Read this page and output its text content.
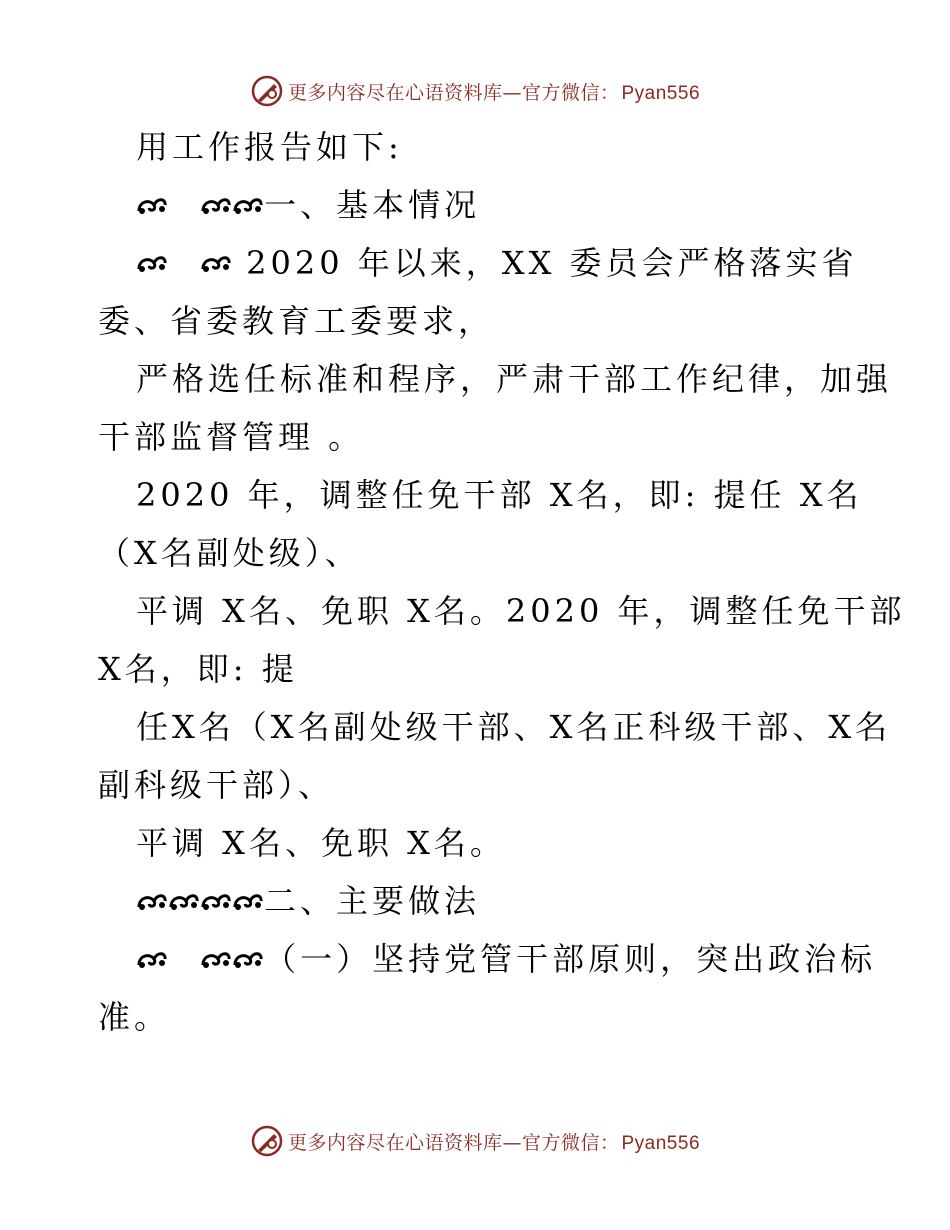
更多内容尽在心语资料库—官方微信： Pyan556
用工作报告如下:

一、基本情况

2020 年以来，XX 委员会严格落实省
委、省委教育工委要求，
严格选任标准和程序，严肃干部工作纪律，加强
干部监督管理 。
2020 年，调整任免干部 X名，即: 提任 X名
（X名副处级）、
平调 X名、免职 X名。2020 年，调整任免干部
X名，即: 提
任X名（X名副处级干部、X名正科级干部、X名
副科级干部）、
平调 X名、免职 X名。
二、主要做法

（一）坚持党管干部原则，突出政治标
准。
更多内容尽在心语资料库—官方微信： Pyan556
